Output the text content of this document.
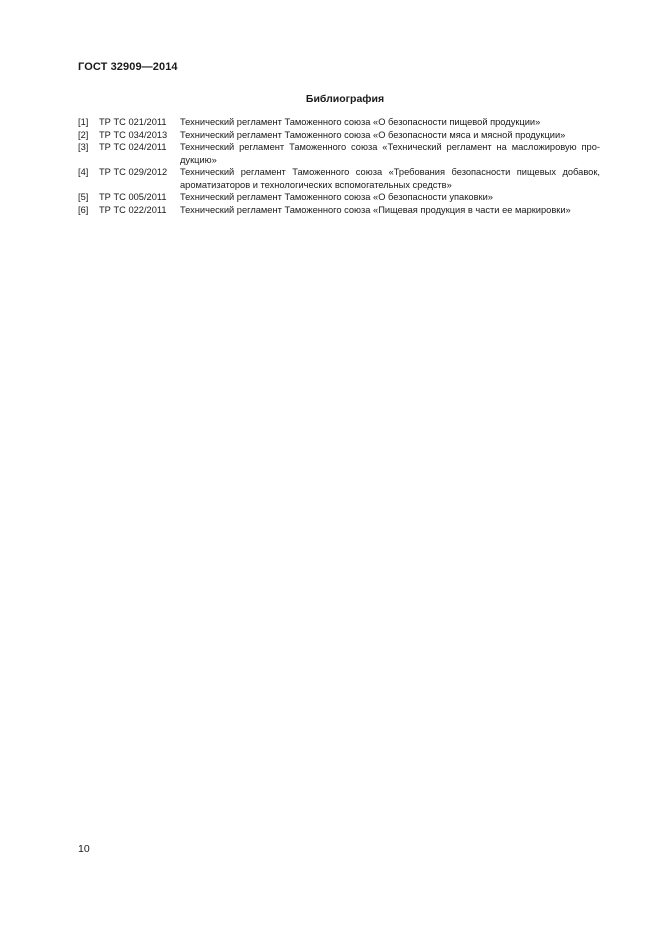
ГОСТ 32909—2014
Библиография
[1]	ТР ТС 021/2011	Технический регламент Таможенного союза «О безопасности пищевой продукции»
[2]	ТР ТС 034/2013	Технический регламент Таможенного союза «О безопасности мяса и мясной продукции»
[3]	ТР ТС 024/2011	Технический регламент Таможенного союза «Технический регламент на масложировую про-
дукцию»
[4]	ТР ТС 029/2012	Технический регламент Таможенного союза «Требования безопасности пищевых добавок,
ароматизаторов и технологических вспомогательных средств»
[5]	ТР ТС 005/2011	Технический регламент Таможенного союза «О безопасности упаковки»
[6]	ТР ТС 022/2011	Технический регламент Таможенного союза «Пищевая продукция в части ее маркировки»
10
